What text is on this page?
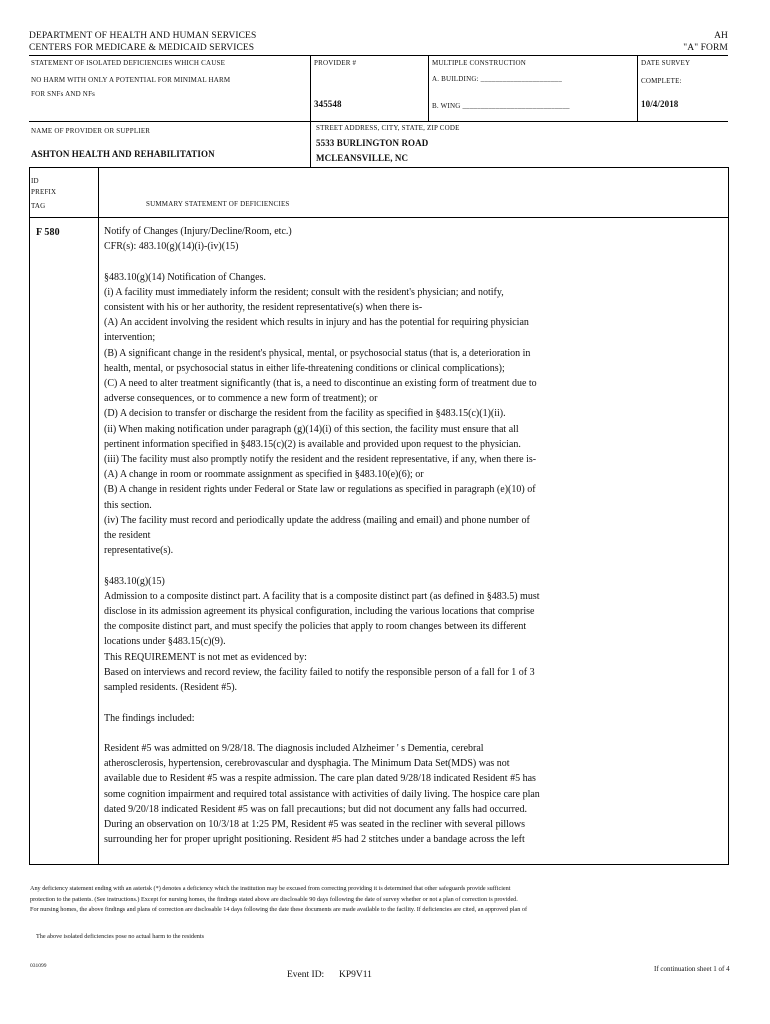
DEPARTMENT OF HEALTH AND HUMAN SERVICES
CENTERS FOR MEDICARE & MEDICAID SERVICES
AH
"A" FORM
STATEMENT OF ISOLATED DEFICIENCIES WHICH CAUSE
NO HARM WITH ONLY A POTENTIAL FOR MINIMAL HARM
FOR SNFs AND NFs
PROVIDER #
345548
MULTIPLE CONSTRUCTION
A. BUILDING: ______________________
B. WING _____________________________
DATE SURVEY
COMPLETE:
10/4/2018
NAME OF PROVIDER OR SUPPLIER
ASHTON HEALTH AND REHABILITATION
STREET ADDRESS, CITY, STATE, ZIP CODE
5533 BURLINGTON ROAD
MCLEANSVILLE, NC
ID
PREFIX
TAG	SUMMARY STATEMENT OF DEFICIENCIES
F 580	Notify of Changes (Injury/Decline/Room, etc.)
CFR(s): 483.10(g)(14)(i)-(iv)(15)

§483.10(g)(14) Notification of Changes.
(i) A facility must immediately inform the resident; consult with the resident's physician; and notify,
consistent with his or her authority, the resident representative(s) when there is-
(A) An accident involving the resident which results in injury and has the potential for requiring physician
intervention;
(B) A significant change in the resident's physical, mental, or psychosocial status (that is, a deterioration in
health, mental, or psychosocial status in either life-threatening conditions or clinical complications);
(C) A need to alter treatment significantly (that is, a need to discontinue an existing form of treatment due to
adverse consequences, or to commence a new form of treatment); or
(D) A decision to transfer or discharge the resident from the facility as specified in §483.15(c)(1)(ii).
(ii) When making notification under paragraph (g)(14)(i) of this section, the facility must ensure that all
pertinent information specified in §483.15(c)(2) is available and provided upon request to the physician.
(iii) The facility must also promptly notify the resident and the resident representative, if any, when there is-
(A) A change in room or roommate assignment as specified in §483.10(e)(6); or
(B) A change in resident rights under Federal or State law or regulations as specified in paragraph (e)(10) of
this section.
(iv) The facility must record and periodically update the address (mailing and email) and phone number of
the resident
representative(s).

§483.10(g)(15)
Admission to a composite distinct part. A facility that is a composite distinct part (as defined in §483.5) must
disclose in its admission agreement its physical configuration, including the various locations that comprise
the composite distinct part, and must specify the policies that apply to room changes between its different
locations under §483.15(c)(9).
This REQUIREMENT is not met as evidenced by:
Based on interviews and record review, the facility failed to notify the responsible person of a fall for 1 of 3
sampled residents. (Resident #5).

The findings included:

Resident #5 was admitted on 9/28/18. The diagnosis included Alzheimer ' s Dementia, cerebral
atherosclerosis, hypertension, cerebrovascular and dysphagia. The Minimum Data Set(MDS) was not
available due to Resident #5 was a respite admission. The care plan dated 9/28/18 indicated Resident #5 has
some cognition impairment and required total assistance with activities of daily living. The hospice care plan
dated 9/20/18 indicated Resident #5 was on fall precautions; but did not document any falls had occurred.
During an observation on 10/3/18 at 1:25 PM, Resident #5 was seated in the recliner with several pillows
surrounding her for proper upright positioning. Resident #5 had 2 stitches under a bandage across the left
Any deficiency statement ending with an asterisk (*) denotes a deficiency which the institution may be excused from correcting providing it is determined that other safeguards provide sufficient
protection to the patients. (See instructions.) Except for nursing homes, the findings stated above are disclosable 90 days following the date of survey whether or not a plan of correction is provided.
For nursing homes, the above findings and plans of correction are disclosable 14 days following the date these documents are made available to the facility. If deficiencies are cited, an approved plan of
The above isolated deficiencies pose no actual harm to the residents
031099
Event ID: KP9V11
If continuation sheet 1 of 4
